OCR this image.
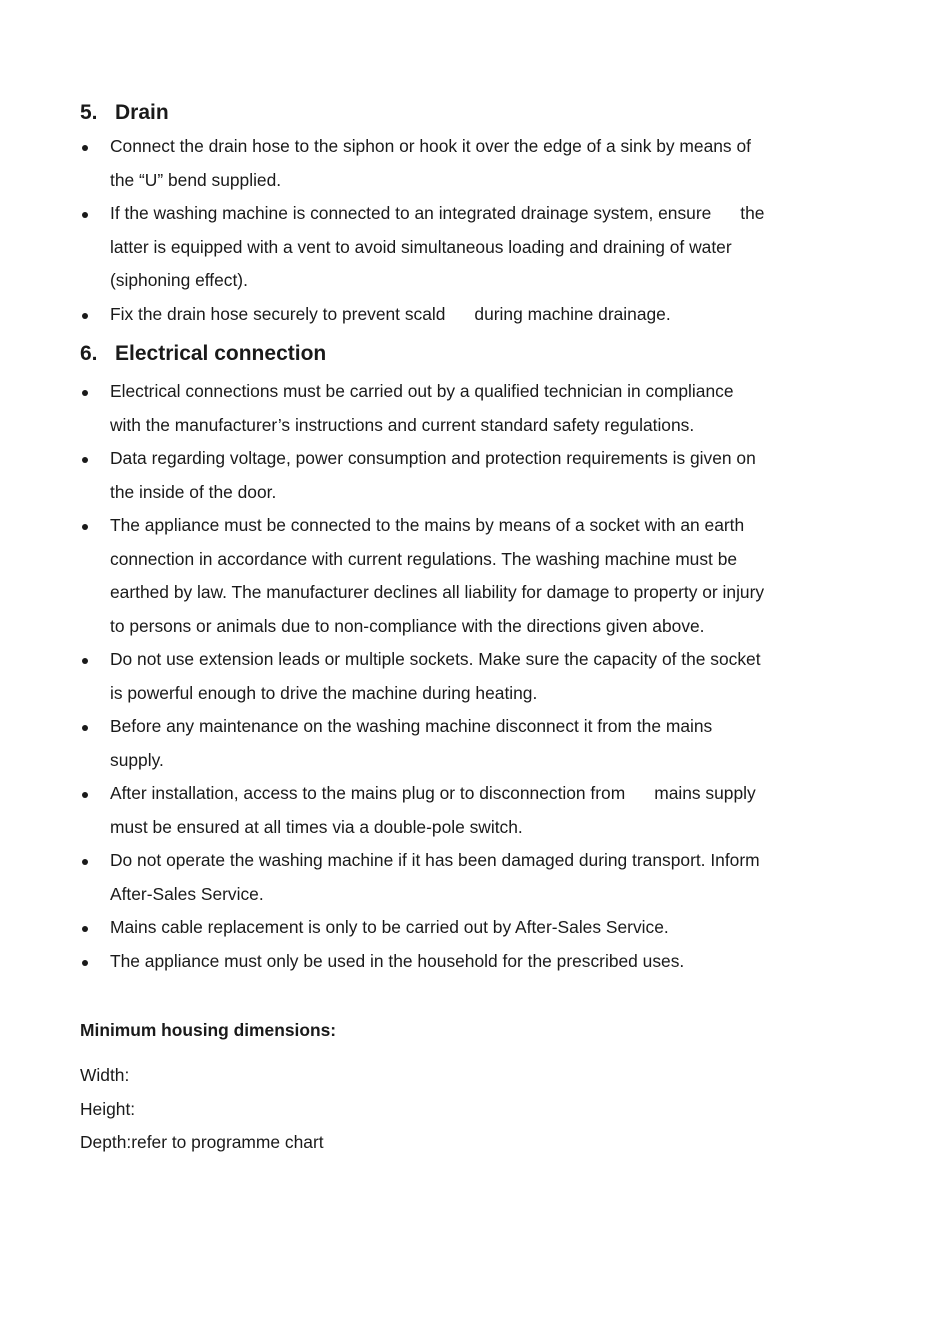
5. Drain
Connect the drain hose to the siphon or hook it over the edge of a sink by means of
the “U” bend supplied.
If the washing machine is connected to an integrated drainage system, ensure      the
latter is equipped with a vent to avoid simultaneous loading and draining of water
(siphoning effect).
Fix the drain hose securely to prevent scald      during machine drainage.
6. Electrical connection
Electrical connections must be carried out by a qualified technician in compliance
with the manufacturer’s instructions and current standard safety regulations.
Data regarding voltage, power consumption and protection requirements is given on
the inside of the door.
The appliance must be connected to the mains by means of a socket with an earth
connection in accordance with current regulations. The washing machine must be
earthed by law. The manufacturer declines all liability for damage to property or injury
to persons or animals due to non-compliance with the directions given above.
Do not use extension leads or multiple sockets. Make sure the capacity of the socket
is powerful enough to drive the machine during heating.
Before any maintenance on the washing machine disconnect it from the mains
supply.
After installation, access to the mains plug or to disconnection from      mains supply
must be ensured at all times via a double-pole switch.
Do not operate the washing machine if it has been damaged during transport. Inform
After-Sales Service.
Mains cable replacement is only to be carried out by After-Sales Service.
The appliance must only be used in the household for the prescribed uses.
Minimum housing dimensions:
Width:
Height:
Depth:refer to programme chart
